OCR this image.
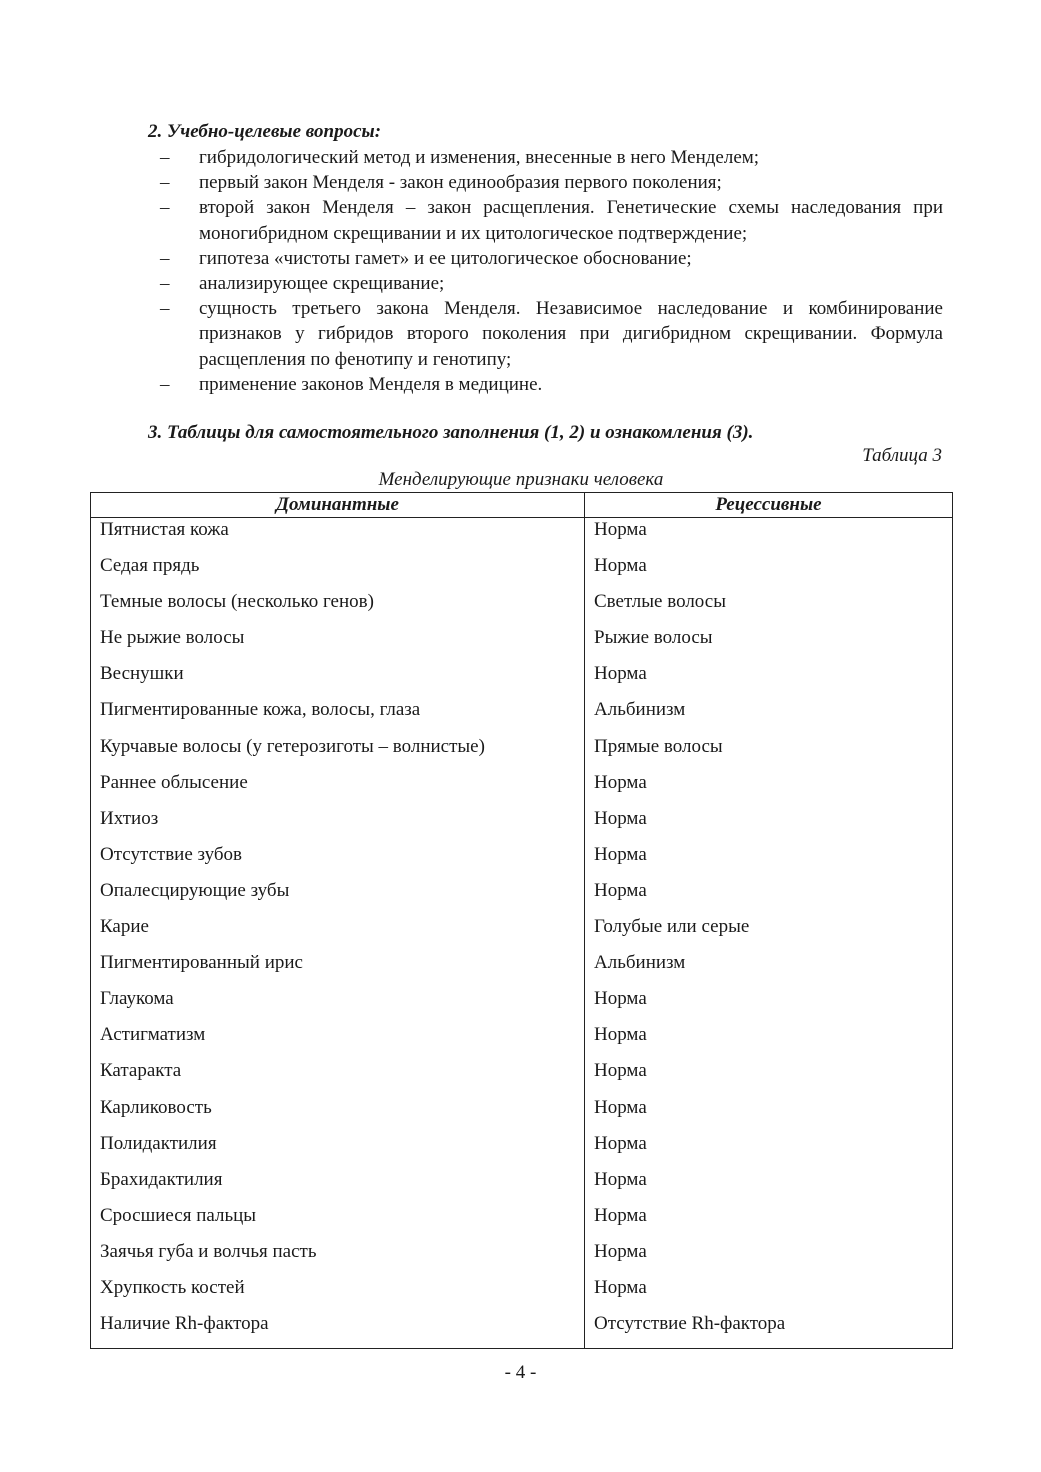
2. Учебно-целевые вопросы:
– гибридологический метод и изменения, внесенные в него Менделем;
– первый закон Менделя - закон единообразия первого поколения;
– второй закон Менделя – закон расщепления. Генетические схемы наследования при моногибридном скрещивании и их цитологическое подтверждение;
– гипотеза «чистоты гамет» и ее цитологическое обоснование;
– анализирующее скрещивание;
– сущность третьего закона Менделя. Независимое наследование и комбинирование признаков у гибридов второго поколения при дигибридном скрещивании. Формула расщепления по фенотипу и генотипу;
– применение законов Менделя в медицине.
3. Таблицы для самостоятельного заполнения (1, 2) и ознакомления (3).
Таблица 3
Менделирующие признаки человека
Доминантные	Рецессивные
Пятнистая кожа	Норма
Седая прядь	Норма
Темные волосы (несколько генов)	Светлые волосы
Не рыжие волосы	Рыжие волосы
Веснушки	Норма
Пигментированные кожа, волосы, глаза	Альбинизм
Курчавые волосы (у гетерозиготы – волнистые)	Прямые волосы
Раннее облысение	Норма
Ихтиоз	Норма
Отсутствие зубов	Норма
Опалесцирующие зубы	Норма
Карие	Голубые или серые
Пигментированный ирис	Альбинизм
Глаукома	Норма
Астигматизм	Норма
Катаракта	Норма
Карликовость	Норма
Полидактилия	Норма
Брахидактилия	Норма
Сросшиеся пальцы	Норма
Заячья губа и волчья пасть	Норма
Хрупкость костей	Норма
Наличие Rh-фактора	Отсутствие Rh-фактора
- 4 -
